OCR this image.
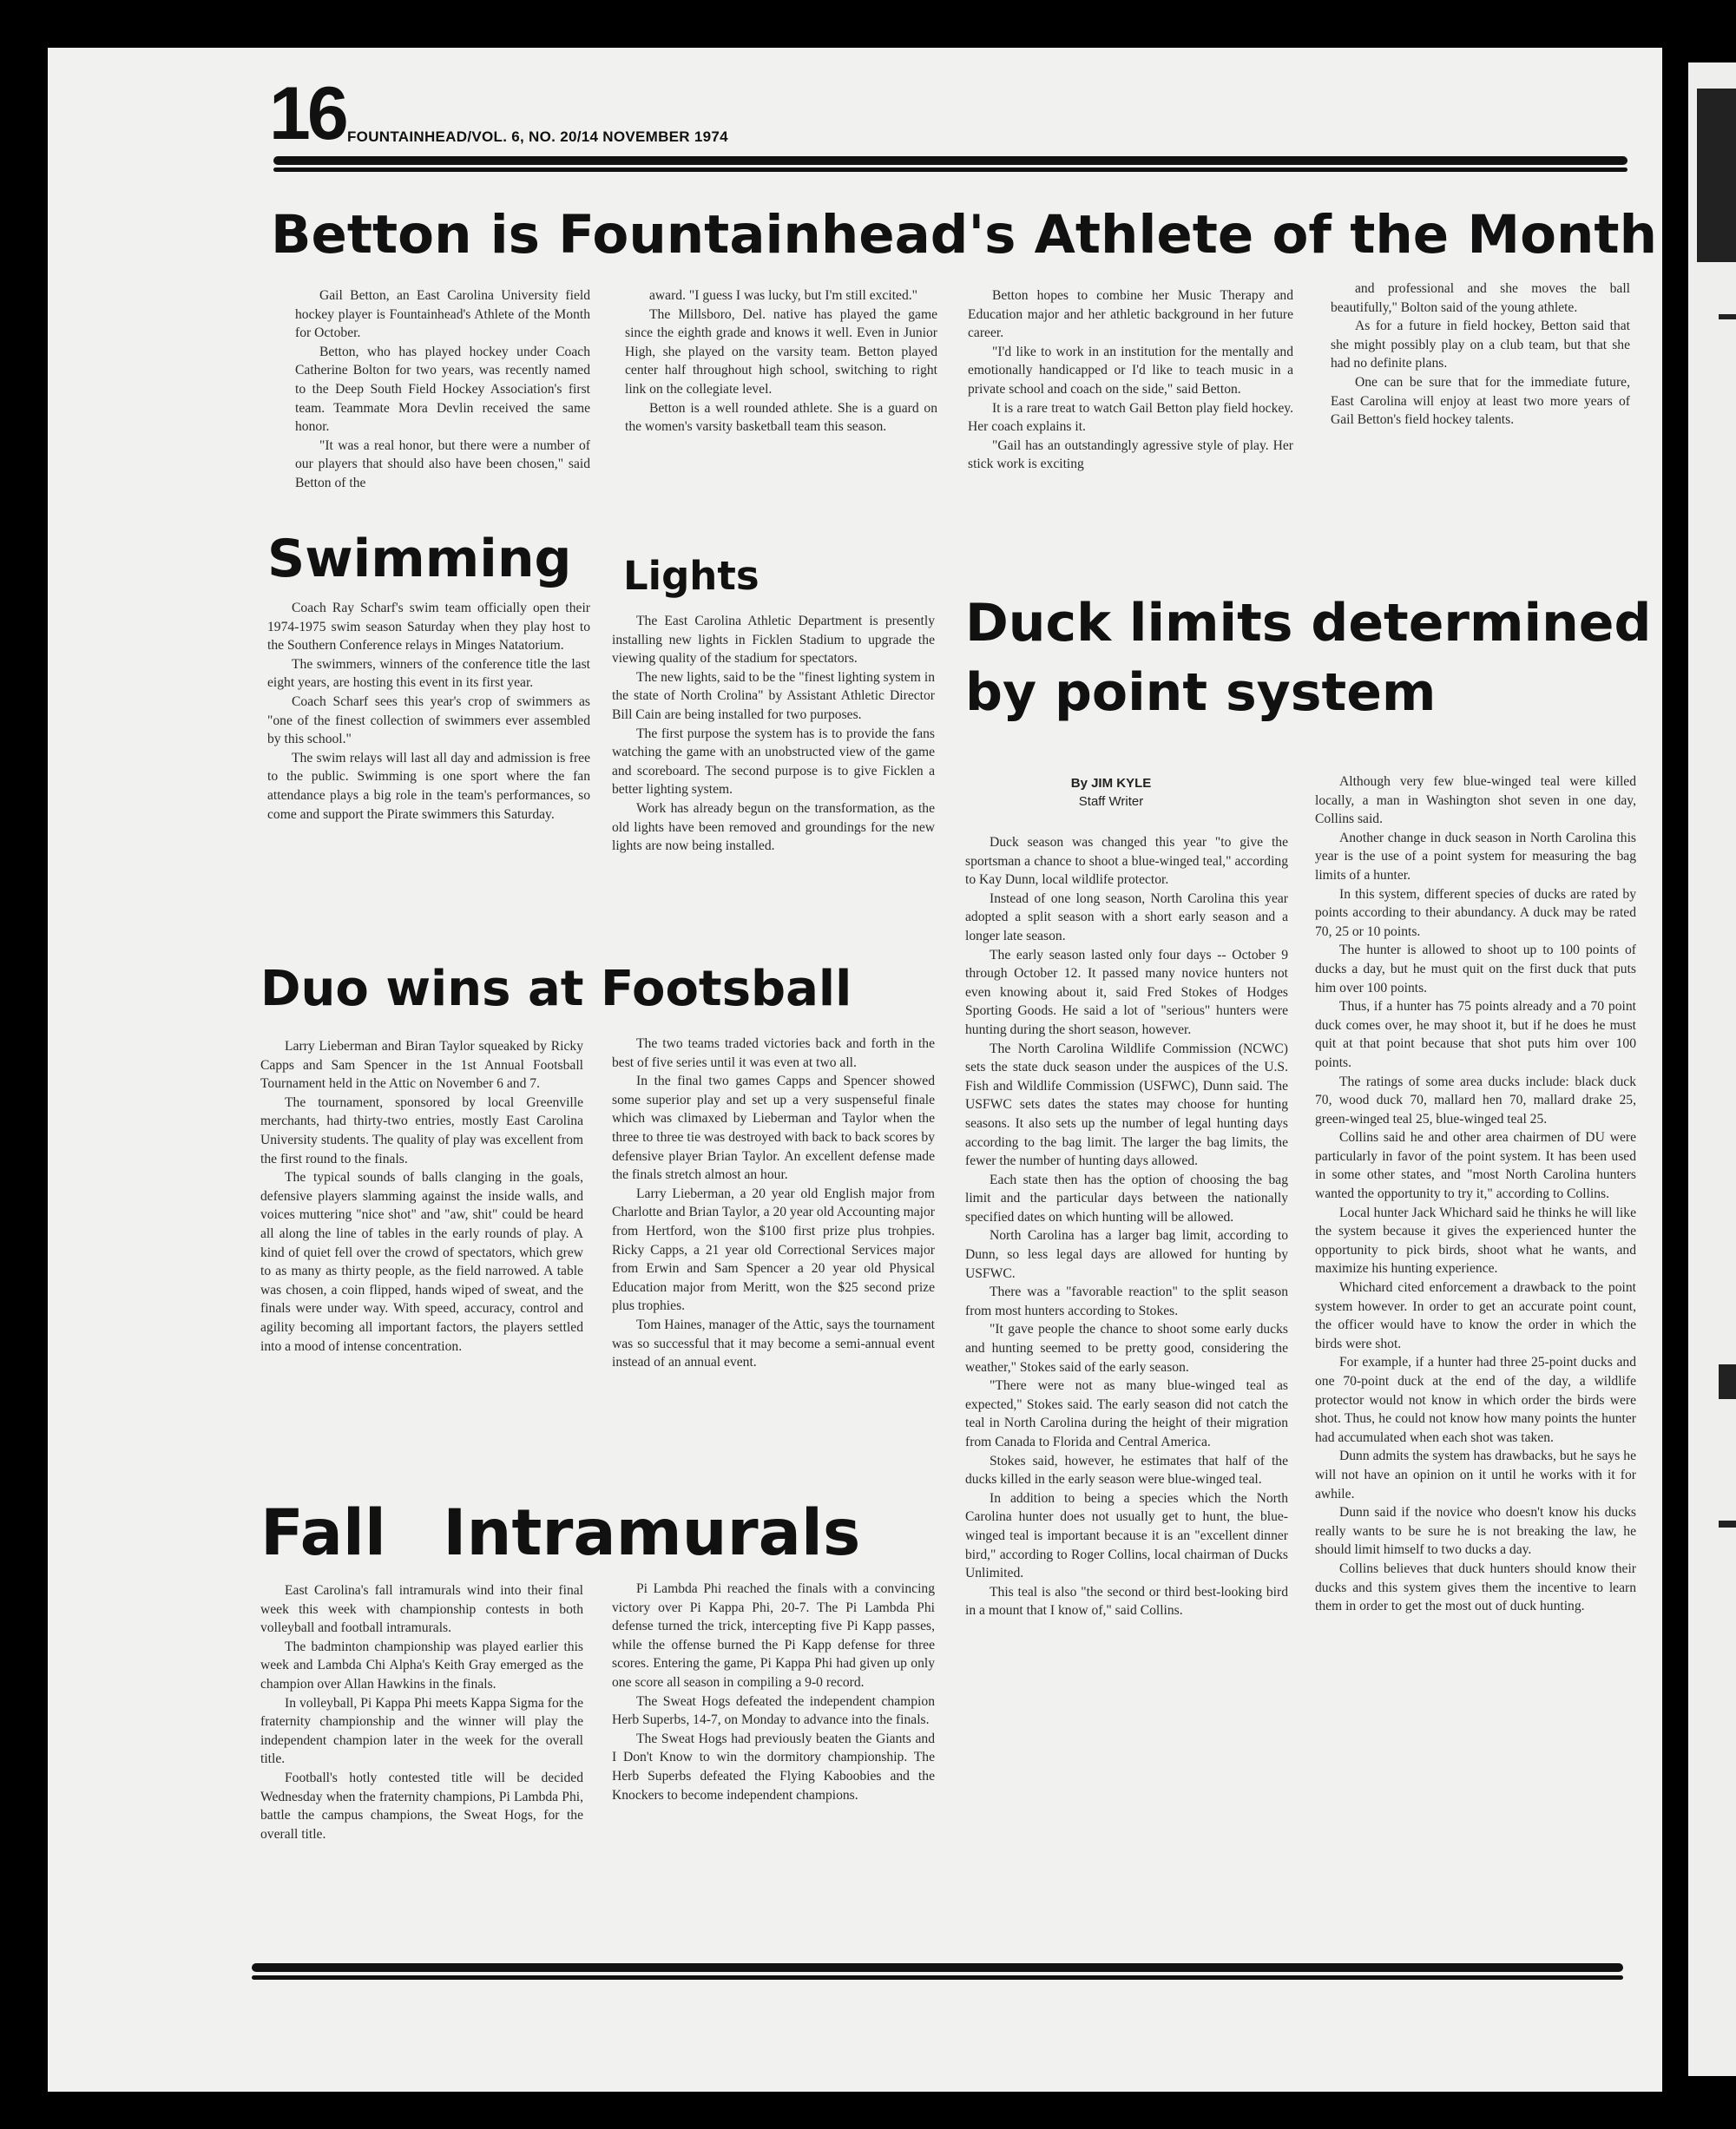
16 FOUNTAINHEAD/VOL. 6, NO. 20/14 NOVEMBER 1974
Betton is Fountainhead's Athlete of the Month

Gail Betton, an East Carolina University field hockey player is Fountainhead's Athlete of the Month for October.

Betton, who has played hockey under Coach Catherine Bolton for two years, was recently named to the Deep South Field Hockey Association's first team. Teammate Mora Devlin received the same honor.

"It was a real honor, but there were a number of our players that should also have been chosen," said Betton of the

award. "I guess I was lucky, but I'm still excited."

The Millsboro, Del. native has played the game since the eighth grade and knows it well. Even in Junior High, she played on the varsity team. Betton played center half throughout high school, switching to right link on the collegiate level.

Betton is a well rounded athlete. She is a guard on the women's varsity basketball team this season.

Betton hopes to combine her Music Therapy and Education major and her athletic background in her future career.

"I'd like to work in an institution for the mentally and emotionally handicapped or I'd like to teach music in a private school and coach on the side," said Betton.

It is a rare treat to watch Gail Betton play field hockey. Her coach explains it.

"Gail has an outstandingly agressive style of play. Her stick work is exciting

and professional and she moves the ball beautifully," Bolton said of the young athlete.

As for a future in field hockey, Betton said that she might possibly play on a club team, but that she had no definite plans.

One can be sure that for the immediate future, East Carolina will enjoy at least two more years of Gail Betton's field hockey talents.

Swimming

Coach Ray Scharf's swim team officially open their 1974-1975 swim season Saturday when they play host to the Southern Conference relays in Minges Natatorium.

The swimmers, winners of the conference title the last eight years, are hosting this event in its first year.

Coach Scharf sees this year's crop of swimmers as "one of the finest collection of swimmers ever assembled by this school."

The swim relays will last all day and admission is free to the public. Swimming is one sport where the fan attendance plays a big role in the team's performances, so come and support the Pirate swimmers this Saturday.

Lights

The East Carolina Athletic Department is presently installing new lights in Ficklen Stadium to upgrade the viewing quality of the stadium for spectators.

The new lights, said to be the "finest lighting system in the state of North Crolina" by Assistant Athletic Director Bill Cain are being installed for two purposes.

The first purpose the system has is to provide the fans watching the game with an unobstructed view of the game and scoreboard. The second purpose is to give Ficklen a better lighting system.

Work has already begun on the transformation, as the old lights have been removed and groundings for the new lights are now being installed.

Duo wins at Footsball

Larry Lieberman and Biran Taylor squeaked by Ricky Capps and Sam Spencer in the 1st Annual Footsball Tournament held in the Attic on November 6 and 7.

The tournament, sponsored by local Greenville merchants, had thirty-two entries, mostly East Carolina University students. The quality of play was excellent from the first round to the finals.

The typical sounds of balls clanging in the goals, defensive players slamming against the inside walls, and voices muttering "nice shot" and "aw, shit" could be heard all along the line of tables in the early rounds of play. A kind of quiet fell over the crowd of spectators, which grew to as many as thirty people, as the field narrowed. A table was chosen, a coin flipped, hands wiped of sweat, and the finals were under way. With speed, accuracy, control and agility becoming all important factors, the players settled into a mood of intense concentration.

The two teams traded victories back and forth in the best of five series until it was even at two all.

In the final two games Capps and Spencer showed some superior play and set up a very suspenseful finale which was climaxed by Lieberman and Taylor when the three to three tie was destroyed with back to back scores by defensive player Brian Taylor. An excellent defense made the finals stretch almost an hour.

Larry Lieberman, a 20 year old English major from Charlotte and Brian Taylor, a 20 year old Accounting major from Hertford, won the $100 first prize plus trohpies. Ricky Capps, a 21 year old Correctional Services major from Erwin and Sam Spencer a 20 year old Physical Education major from Meritt, won the $25 second prize plus trophies.

Tom Haines, manager of the Attic, says the tournament was so successful that it may become a semi-annual event instead of an annual event.

Fall Intramurals

East Carolina's fall intramurals wind into their final week this week with championship contests in both volleyball and football intramurals.

The badminton championship was played earlier this week and Lambda Chi Alpha's Keith Gray emerged as the champion over Allan Hawkins in the finals.

In volleyball, Pi Kappa Phi meets Kappa Sigma for the fraternity championship and the winner will play the independent champion later in the week for the overall title.

Football's hotly contested title will be decided Wednesday when the fraternity champions, Pi Lambda Phi, battle the campus champions, the Sweat Hogs, for the overall title.

Pi Lambda Phi reached the finals with a convincing victory over Pi Kappa Phi, 20-7. The Pi Lambda Phi defense turned the trick, intercepting five Pi Kapp passes, while the offense burned the Pi Kapp defense for three scores. Entering the game, Pi Kappa Phi had given up only one score all season in compiling a 9-0 record.

The Sweat Hogs defeated the independent champion Herb Superbs, 14-7, on Monday to advance into the finals.

The Sweat Hogs had previously beaten the Giants and I Don't Know to win the dormitory championship. The Herb Superbs defeated the Flying Kaboobies and the Knockers to become independent champions.

Duck limits determined
by point system
By JIM KYLE
Staff Writer

Duck season was changed this year "to give the sportsman a chance to shoot a blue-winged teal," according to Kay Dunn, local wildlife protector.

Instead of one long season, North Carolina this year adopted a split season with a short early season and a longer late season.

The early season lasted only four days -- October 9 through October 12. It passed many novice hunters not even knowing about it, said Fred Stokes of Hodges Sporting Goods. He said a lot of "serious" hunters were hunting during the short season, however.

The North Carolina Wildlife Commission (NCWC) sets the state duck season under the auspices of the U.S. Fish and Wildlife Commission (USFWC), Dunn said. The USFWC sets dates the states may choose for hunting seasons. It also sets up the number of legal hunting days according to the bag limit. The larger the bag limits, the fewer the number of hunting days allowed.

Each state then has the option of choosing the bag limit and the particular days between the nationally specified dates on which hunting will be allowed.

North Carolina has a larger bag limit, according to Dunn, so less legal days are allowed for hunting by USFWC.

There was a "favorable reaction" to the split season from most hunters according to Stokes.

"It gave people the chance to shoot some early ducks and hunting seemed to be pretty good, considering the weather," Stokes said of the early season.

"There were not as many blue-winged teal as expected," Stokes said. The early season did not catch the teal in North Carolina during the height of their migration from Canada to Florida and Central America.

Stokes said, however, he estimates that half of the ducks killed in the early season were blue-winged teal.

In addition to being a species which the North Carolina hunter does not usually get to hunt, the blue-winged teal is important because it is an "excellent dinner bird," according to Roger Collins, local chairman of Ducks Unlimited.

This teal is also "the second or third best-looking bird in a mount that I know of," said Collins.

Although very few blue-winged teal were killed locally, a man in Washington shot seven in one day, Collins said.

Another change in duck season in North Carolina this year is the use of a point system for measuring the bag limits of a hunter.

In this system, different species of ducks are rated by points according to their abundancy. A duck may be rated 70, 25 or 10 points.

The hunter is allowed to shoot up to 100 points of ducks a day, but he must quit on the first duck that puts him over 100 points.

Thus, if a hunter has 75 points already and a 70 point duck comes over, he may shoot it, but if he does he must quit at that point because that shot puts him over 100 points.

The ratings of some area ducks include: black duck 70, wood duck 70, mallard hen 70, mallard drake 25, green-winged teal 25, blue-winged teal 25.

Collins said he and other area chairmen of DU were particularly in favor of the point system. It has been used in some other states, and "most North Carolina hunters wanted the opportunity to try it," according to Collins.

Local hunter Jack Whichard said he thinks he will like the system because it gives the experienced hunter the opportunity to pick birds, shoot what he wants, and maximize his hunting experience.

Whichard cited enforcement a drawback to the point system however. In order to get an accurate point count, the officer would have to know the order in which the birds were shot.

For example, if a hunter had three 25-point ducks and one 70-point duck at the end of the day, a wildlife protector would not know in which order the birds were shot. Thus, he could not know how many points the hunter had accumulated when each shot was taken.

Dunn admits the system has drawbacks, but he says he will not have an opinion on it until he works with it for awhile.

Dunn said if the novice who doesn't know his ducks really wants to be sure he is not breaking the law, he should limit himself to two ducks a day.

Collins believes that duck hunters should know their ducks and this system gives them the incentive to learn them in order to get the most out of duck hunting.
